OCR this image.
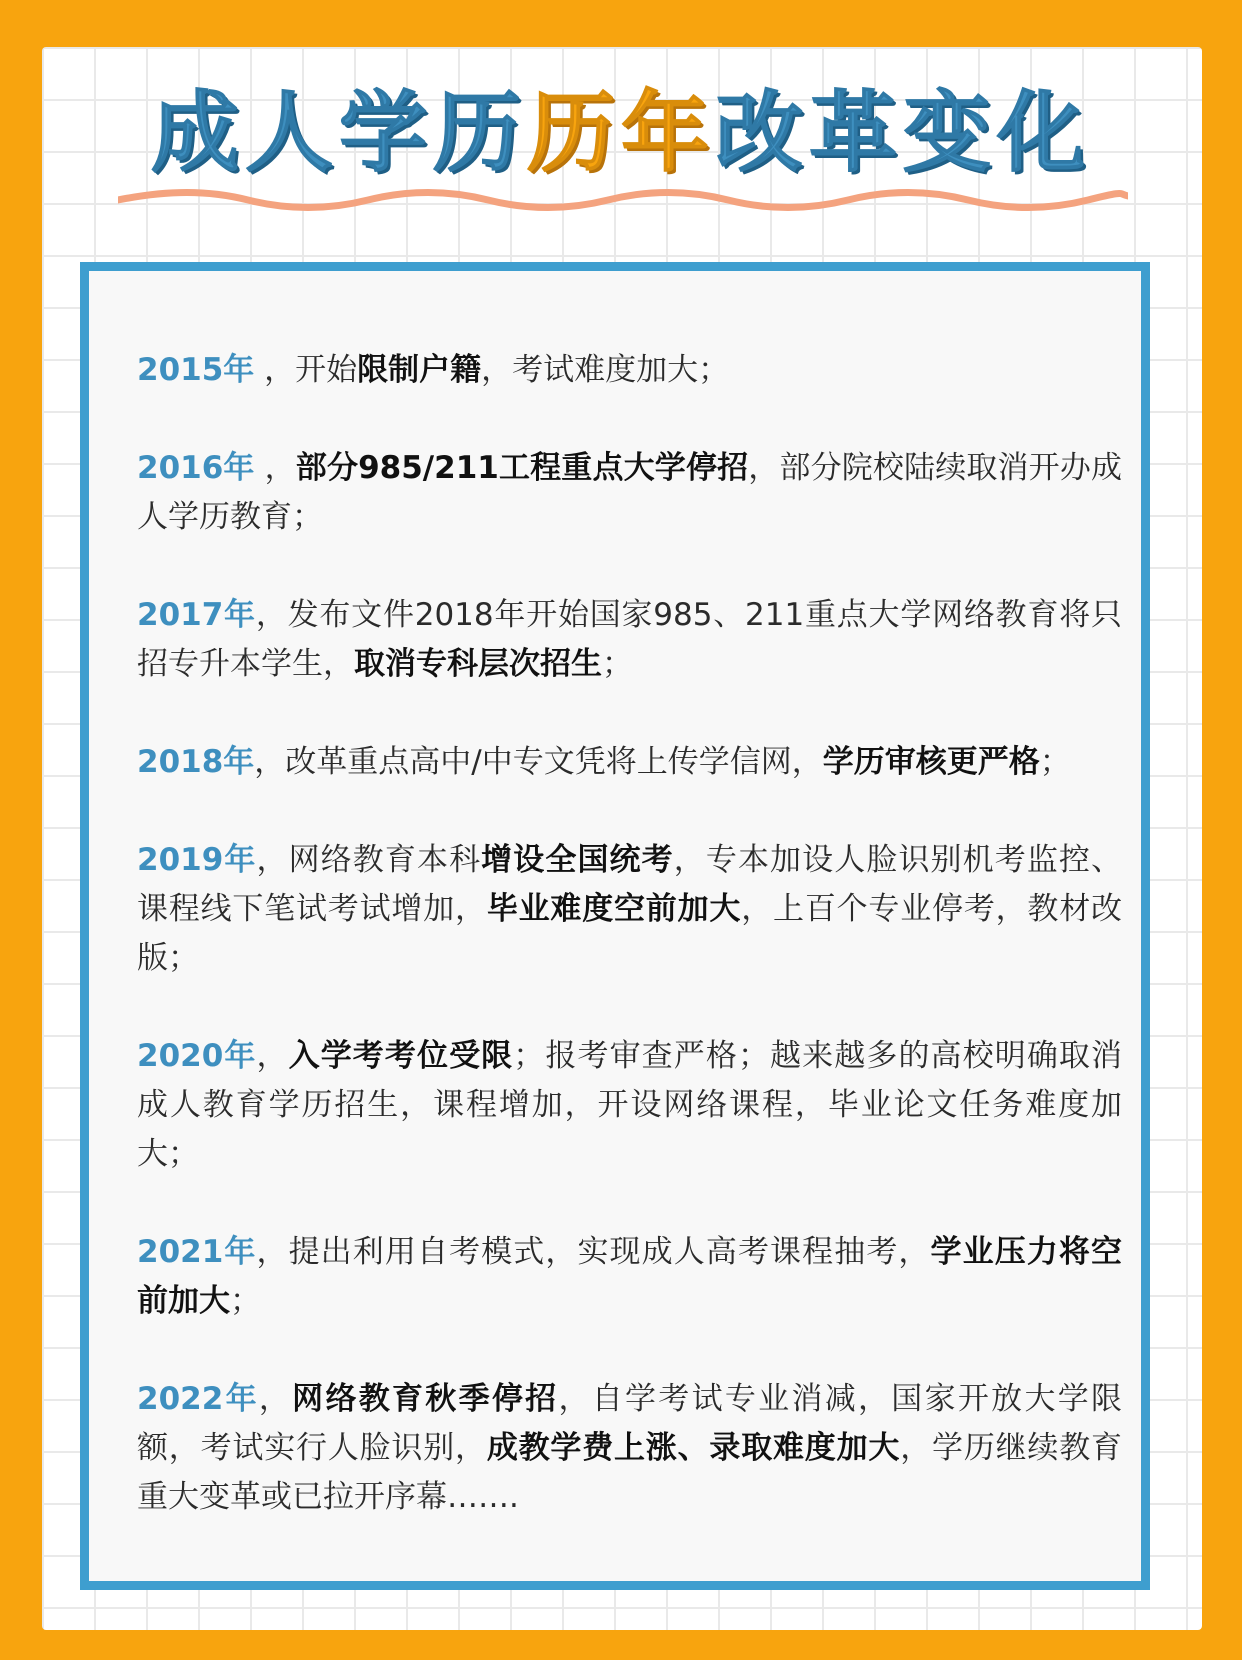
成人学历历年改革变化

2015年 ，开始限制户籍，考试难度加大；

2016年 ，部分985/211工程重点大学停招，部分院校陆续取消开办成人学历教育；

2017年，发布文件2018年开始国家985、211重点大学网络教育将只招专升本学生，取消专科层次招生；

2018年，改革重点高中/中专文凭将上传学信网，学历审核更严格；

2019年，网络教育本科增设全国统考，专本加设人脸识别机考监控、课程线下笔试考试增加，毕业难度空前加大，上百个专业停考，教材改版；

2020年，入学考考位受限；报考审查严格；越来越多的高校明确取消成人教育学历招生，课程增加，开设网络课程，毕业论文任务难度加大；

2021年，提出利用自考模式，实现成人高考课程抽考，学业压力将空前加大；

2022年，网络教育秋季停招，自学考试专业消减，国家开放大学限额，考试实行人脸识别，成教学费上涨、录取难度加大，学历继续教育重大变革或已拉开序幕…….
